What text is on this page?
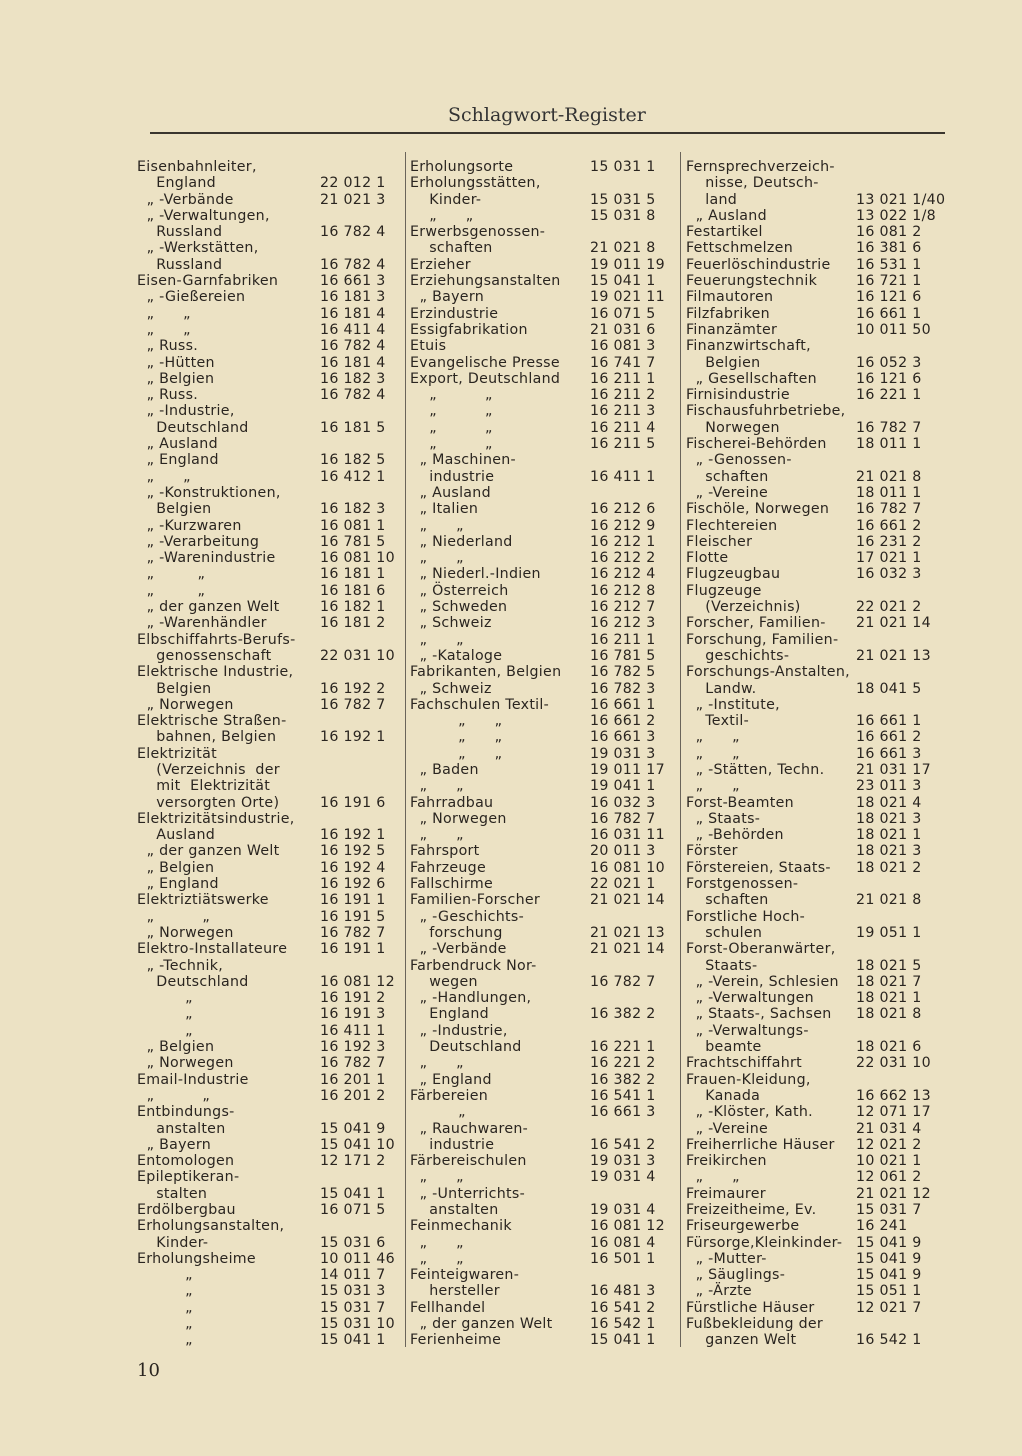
Schlagwort-Register
Eisenbahnleiter,
England	22 012 1
„ -Verbände	21 021 3
„ -Verwaltungen,
Russland	16 782 4
„ -Werkstätten,
Russland	16 782 4
Eisen-Garnfabriken	16 661 3
„ -Gießereien	16 181 3
„      „	16 181 4
„      „	16 411 4
„ Russ.	16 782 4
„ -Hütten	16 181 4
„ Belgien	16 182 3
„ Russ.	16 782 4
„ -Industrie,
Deutschland	16 181 5
„ Ausland
„ England	16 182 5
„      „	16 412 1
„ -Konstruktionen,
Belgien	16 182 3
„ -Kurzwaren	16 081 1
„ -Verarbeitung	16 781 5
„ -Warenindustrie	16 081 10
„         „	16 181 1
„         „	16 181 6
„ der ganzen Welt	16 182 1
„ -Warenhändler	16 181 2
Elbschiffahrts-Berufs-
genossenschaft	22 031 10
Elektrische Industrie,
Belgien	16 192 2
„ Norwegen	16 782 7
Elektrische Straßen-
bahnen, Belgien	16 192 1
Elektrizität
(Verzeichnis  der
mit  Elektrizität
versorgten Orte)	16 191 6
Elektrizitätsindustrie,
Ausland	16 192 1
„ der ganzen Welt	16 192 5
„ Belgien	16 192 4
„ England	16 192 6
Elektriztiätswerke	16 191 1
„          „	16 191 5
„ Norwegen	16 782 7
Elektro-Installateure 16 191 1
„ -Technik,
Deutschland	16 081 12
„	16 191 2
„	16 191 3
„	16 411 1
„ Belgien	16 192 3
„ Norwegen	16 782 7
Email-Industrie	16 201 1
„          „	16 201 2
Entbindungs-
anstalten	15 041 9
„ Bayern	15 041 10
Entomologen	12 171 2
Epileptikeran-
stalten	15 041 1
Erdölbergbau	16 071 5
Erholungsanstalten,
Kinder-	15 031 6
Erholungsheime	10 011 46
„	14 011 7
„	15 031 3
„	15 031 7
„	15 031 10
„	15 041 1
Erholungsorte	15 031 1
Erholungsstätten,
Kinder-	15 031 5
„      „	15 031 8
Erwerbsgenossen-
schaften	21 021 8
Erzieher	19 011 19
Erziehungsanstalten 15 041 1
„ Bayern	19 021 11
Erzindustrie	16 071 5
Essigfabrikation	21 031 6
Etuis	16 081 3
Evangelische Presse 16 741 7
Export, Deutschland 16 211 1
„          „	16 211 2
„          „	16 211 3
„          „	16 211 4
„          „	16 211 5
„ Maschinen-
industrie	16 411 1
„ Ausland
„ Italien	16 212 6
„      „	16 212 9
„ Niederland	16 212 1
„      „	16 212 2
„ Niederl.-Indien	16 212 4
„ Österreich	16 212 8
„ Schweden	16 212 7
„ Schweiz	16 212 3
„      „	16 211 1
„ -Kataloge	16 781 5
Fabrikanten, Belgien 16 782 5
„ Schweiz	16 782 3
Fachschulen Textil-	16 661 1
„      „	16 661 2
„      „	16 661 3
„      „	19 031 3
„ Baden	19 011 17
„      „	19 041 1
Fahrradbau	16 032 3
„ Norwegen	16 782 7
„      „	16 031 11
Fahrsport	20 011 3
Fahrzeuge	16 081 10
Fallschirme	22 021 1
Familien-Forscher	21 021 14
„ -Geschichts-
forschung	21 021 13
„ -Verbände	21 021 14
Farbendruck Nor-
wegen	16 782 7
„ -Handlungen,
England	16 382 2
„ -Industrie,
Deutschland	16 221 1
„      „	16 221 2
„ England	16 382 2
Färbereien	16 541 1
„	16 661 3
„ Rauchwaren-
industrie	16 541 2
Färbereischulen	19 031 3
„      „	19 031 4
„ -Unterrichts-
anstalten	19 031 4
Feinmechanik	16 081 12
„      „	16 081 4
„      „	16 501 1
Feinteigwaren-
hersteller	16 481 3
Fellhandel	16 541 2
„ der ganzen Welt	16 542 1
Ferienheime	15 041 1
Fernsprechverzeich-
nisse, Deutsch-
land	13 021 1/40
„ Ausland	13 022 1/8
Festartikel	16 081 2
Fettschmelzen	16 381 6
Feuerlöschindustrie 16 531 1
Feuerungstechnik	16 721 1
Filmautoren	16 121 6
Filzfabriken	16 661 1
Finanzämter	10 011 50
Finanzwirtschaft,
Belgien	16 052 3
„ Gesellschaften	16 121 6
Firnisindustrie	16 221 1
Fischausfuhrbetriebe,
Norwegen	16 782 7
Fischerei-Behörden 18 011 1
„ -Genossen-
schaften	21 021 8
„ -Vereine	18 011 1
Fischöle, Norwegen 16 782 7
Flechtereien	16 661 2
Fleischer	16 231 2
Flotte	17 021 1
Flugzeugbau	16 032 3
Flugzeuge
(Verzeichnis)	22 021 2
Forscher, Familien- 21 021 14
Forschung, Familien-
geschichts-	21 021 13
Forschungs-Anstalten,
Landw.	18 041 5
„ -Institute,
Textil-	16 661 1
„      „	16 661 2
„      „	16 661 3
„ -Stätten, Techn. 21 031 17
„      „	23 011 3
Forst-Beamten	18 021 4
„ Staats-	18 021 3
„ -Behörden	18 021 1
Förster	18 021 3
Förstereien, Staats- 18 021 2
Forstgenossen-
schaften	21 021 8
Forstliche Hoch-
schulen	19 051 1
Forst-Oberanwärter,
Staats-	18 021 5
„ -Verein, Schlesien 18 021 7
„ -Verwaltungen	18 021 1
„ Staats-, Sachsen 18 021 8
„ -Verwaltungs-
beamte	18 021 6
Frachtschiffahrt	22 031 10
Frauen-Kleidung,
Kanada	16 662 13
„ -Klöster, Kath.	12 071 17
„ -Vereine	21 031 4
Freiherrliche Häuser 12 021 2
Freikirchen	10 021 1
„      „	12 061 2
Freimaurer	21 021 12
Freizeitheime, Ev.	15 031 7
Friseurgewerbe	16 241
Fürsorge,Kleinkinder- 15 041 9
„ -Mutter-	15 041 9
„ Säuglings-	15 041 9
„ -Ärzte	15 051 1
Fürstliche Häuser	12 021 7
Fußbekleidung der
ganzen Welt	16 542 1
10
